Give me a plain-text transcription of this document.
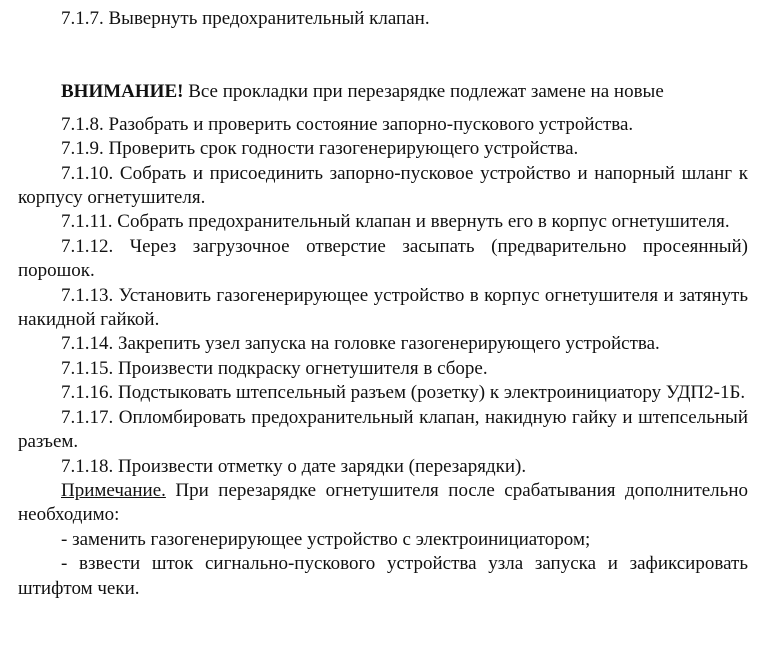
7.1.7. Вывернуть предохранительный клапан.

ВНИМАНИЕ! Все прокладки при перезарядке подлежат замене на новые

7.1.8. Разобрать и проверить состояние запорно-пускового устройства.

7.1.9. Проверить срок годности газогенерирующего устройства.

7.1.10. Собрать и присоединить запорно-пусковое устройство и напорный шланг к корпусу огнетушителя.

7.1.11. Собрать предохранительный клапан и ввернуть его в корпус огнетушителя.

7.1.12. Через загрузочное отверстие засыпать (предварительно просеянный) порошок.

7.1.13. Установить газогенерирующее устройство в корпус огнетушителя и затянуть накидной гайкой.

7.1.14. Закрепить узел запуска на головке газогенерирующего устройства.

7.1.15. Произвести подкраску огнетушителя в сборе.

7.1.16. Подстыковать штепсельный разъем (розетку) к электроинициатору УДП2-1Б.

7.1.17. Опломбировать предохранительный клапан, накидную гайку и штепсельный разъем.

7.1.18. Произвести отметку о дате зарядки (перезарядки).

Примечание. При перезарядке огнетушителя после срабатывания дополнительно необходимо:

- заменить газогенерирующее устройство с электроинициатором;

- взвести шток сигнально-пускового устройства узла запуска и зафиксировать штифтом чеки.
